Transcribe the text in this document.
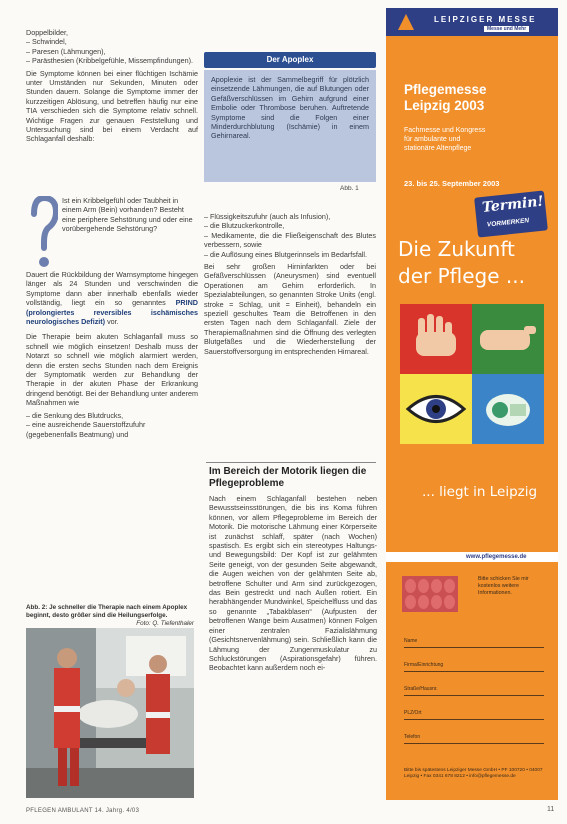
Doppelbilder,
– Schwindel,
– Paresen (Lähmungen),
– Parästhesien (Kribbelgefühle, Missempfindungen).
Die Symptome können bei einer flüchtigen Ischämie unter Umständen nur Sekunden, Minuten oder Stunden dauern. Solange die Symptome immer der kurzzeitigen Ablösung, und betreffen häufig nur eine TIA verschieden sich die Symptome relativ schnell. Wichtige Fragen zur genauen Feststellung und Untersuchung sind bei einem Verdacht auf Schlaganfall deshalb:
Ist ein Kribbelgefühl oder Taubheit in einem Arm (Bein) vorhanden? Besteht eine periphere Sehstörung und oder eine vorübergehende Sehstörung?
Dauert die Rückbildung der Warnsymptome hingegen länger als 24 Stunden und verschwinden die Symptome dann aber innerhalb ebenfalls wieder vollständig, liegt ein so genanntes PRIND (prolongiertes reversibles ischämisches neurologisches Defizit) vor.
Die Therapie beim akuten Schlaganfall muss so schnell wie möglich einsetzen! Deshalb muss der Notarzt so schnell wie möglich alarmiert werden, denn die ersten sechs Stunden nach dem Ereignis der Symptomatik werden zur Behandlung der Therapie in der akuten Phase der Erkrankung dringend benötigt. Bei der Behandlung unter anderem Maßnahmen wie
– die Senkung des Blutdrucks,
– eine ausreichende Sauerstoffzufuhr (gegebenenfalls Beatmung) und
Abb. 2: Je schneller die Therapie nach einem Apoplex beginnt, desto größer sind die Heilungserfolge.
Foto: Q. Tiefenthaler
Der Apoplex
Apoplexie ist der Sammelbegriff für plötzlich einsetzende Lähmungen, die auf Blutungen oder Gefäßverschlüssen im Gehirn aufgrund einer Embolie oder Thrombose beruhen. Auftretende Symptome sind die Folgen einer Minderdurchblutung (Ischämie) in einem Gehirnareal.
Abb. 1
– Flüssigkeitszufuhr (auch als Infusion),
– die Blutzuckerkontrolle,
– Medikamente, die die Fließeigenschaft des Blutes verbessern, sowie
– die Auflösung eines Blutgerinnsels im Bedarfsfall.
Bei sehr großen Hirninfarkten oder bei Gefäßverschlüssen (Aneurysmen) sind eventuell Operationen am Gehirn erforderlich. In Spezialabteilungen, so genannten Stroke Units (engl. stroke = Schlag, unit = Einheit), behandeln ein speziell geschultes Team die Betroffenen in den ersten Tagen nach dem Schlaganfall. Ziele der Therapiemaßnahmen sind die Öffnung des verlegten Blutgefäßes und die Wiederherstellung der Sauerstoffversorgung im entsprechenden Hirnareal.
Im Bereich der Motorik liegen die Pflegeprobleme
Nach einem Schlaganfall bestehen neben Bewusstseinsstörungen, die bis ins Koma führen können, vor allem Pflegeprobleme im Bereich der Motorik. Die motorische Lähmung einer Körperseite ist zunächst schlaff, später (nach Wochen) spastisch. Es ergibt sich ein stereotypes Haltungs- und Bewegungsbild: Der Kopf ist zur gelähmten Seite geneigt, von der gesunden Seite abgewandt, die Augen weichen von der gelähmten Seite ab, betroffene Schulter und Arm sind zurückgezogen, das Bein gestreckt und nach Außen rotiert. Ein herabhängender Mundwinkel, Speichelfluss und das so genannte „Tabakblasen“ (Aufpusten der betroffenen Wange beim Ausatmen) können Folgen einer zentralen Fazialislähmung (Gesichtsnervenlähmung) sein. Schließlich kann die Lähmung der Zungenmuskulatur zu Schluckstörungen (Aspirationsgefahr) führen. Beobachtet kann außerdem noch ei-
PFLEGEN AMBULANT 14. Jahrg. 4/03	11
LEIPZIGER MESSE
Messe und Mehr
Pflegemesse
Leipzig 2003
Fachmesse und Kongress
für ambulante und
stationäre Altenpflege
23. bis 25. September 2003
Termin!
VORMERKEN
Die Zukunft
der Pflege ...
... liegt in Leipzig
www.pflegemesse.de
Bitte schicken Sie mir kostenlos weitere Informationen.
Name
Firma/Einrichtung
Straße/Hausnr.
PLZ/Ort
Telefon
Bitte bis spätestens Leipziger Messe GmbH • PF 100720 • 04007 Leipzig • Fax 0341 678 8212 • info@pflegemesse.de
